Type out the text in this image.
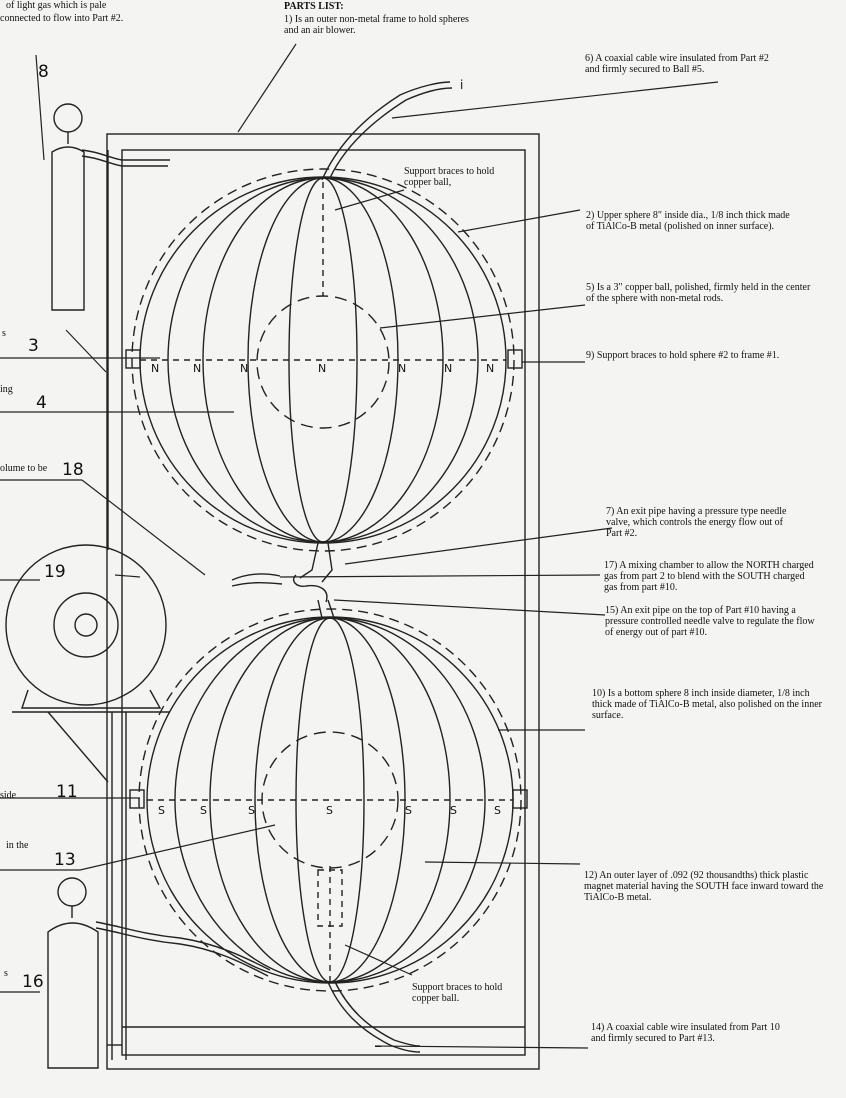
N	N	N	N	N	N	N
S	S	S	S	S	S	S
of light gas which is pale
connected to flow into Part #2.
PARTS LIST:
1) Is an outer non-metal frame to hold spheres and an air blower.
6) A coaxial cable wire insulated from Part #2 and firmly secured to Ball #5.
Support braces to hold copper ball,
2) Upper sphere 8" inside dia., 1/8 inch thick made of TiAlCo-B metal (polished on inner surface).
5) Is a 3" copper ball, polished, firmly held in the center of the sphere with non-metal rods.
9) Support braces to hold sphere #2 to frame #1.
7) An exit pipe having a pressure type needle valve, which controls the energy flow out of Part #2.
17) A mixing chamber to allow the NORTH charged gas from part 2 to blend with the SOUTH charged gas from part #10.
15) An exit pipe on the top of Part #10 having a pressure controlled needle valve to regulate the flow of energy out of part #10.
10) Is a bottom sphere 8 inch inside diameter, 1/8 inch thick made of TiAlCo-B metal, also polished on the inner surface.
12) An outer layer of .092 (92 thousandths) thick plastic magnet material having the SOUTH face inward toward the TiAlCo-B metal.
Support braces to hold copper ball.
14) A coaxial cable wire insulated from Part 10 and firmly secured to Part #13.
s
ing
olume to be
side
in the
s
8
3
4
18
19
11
13
16
i
